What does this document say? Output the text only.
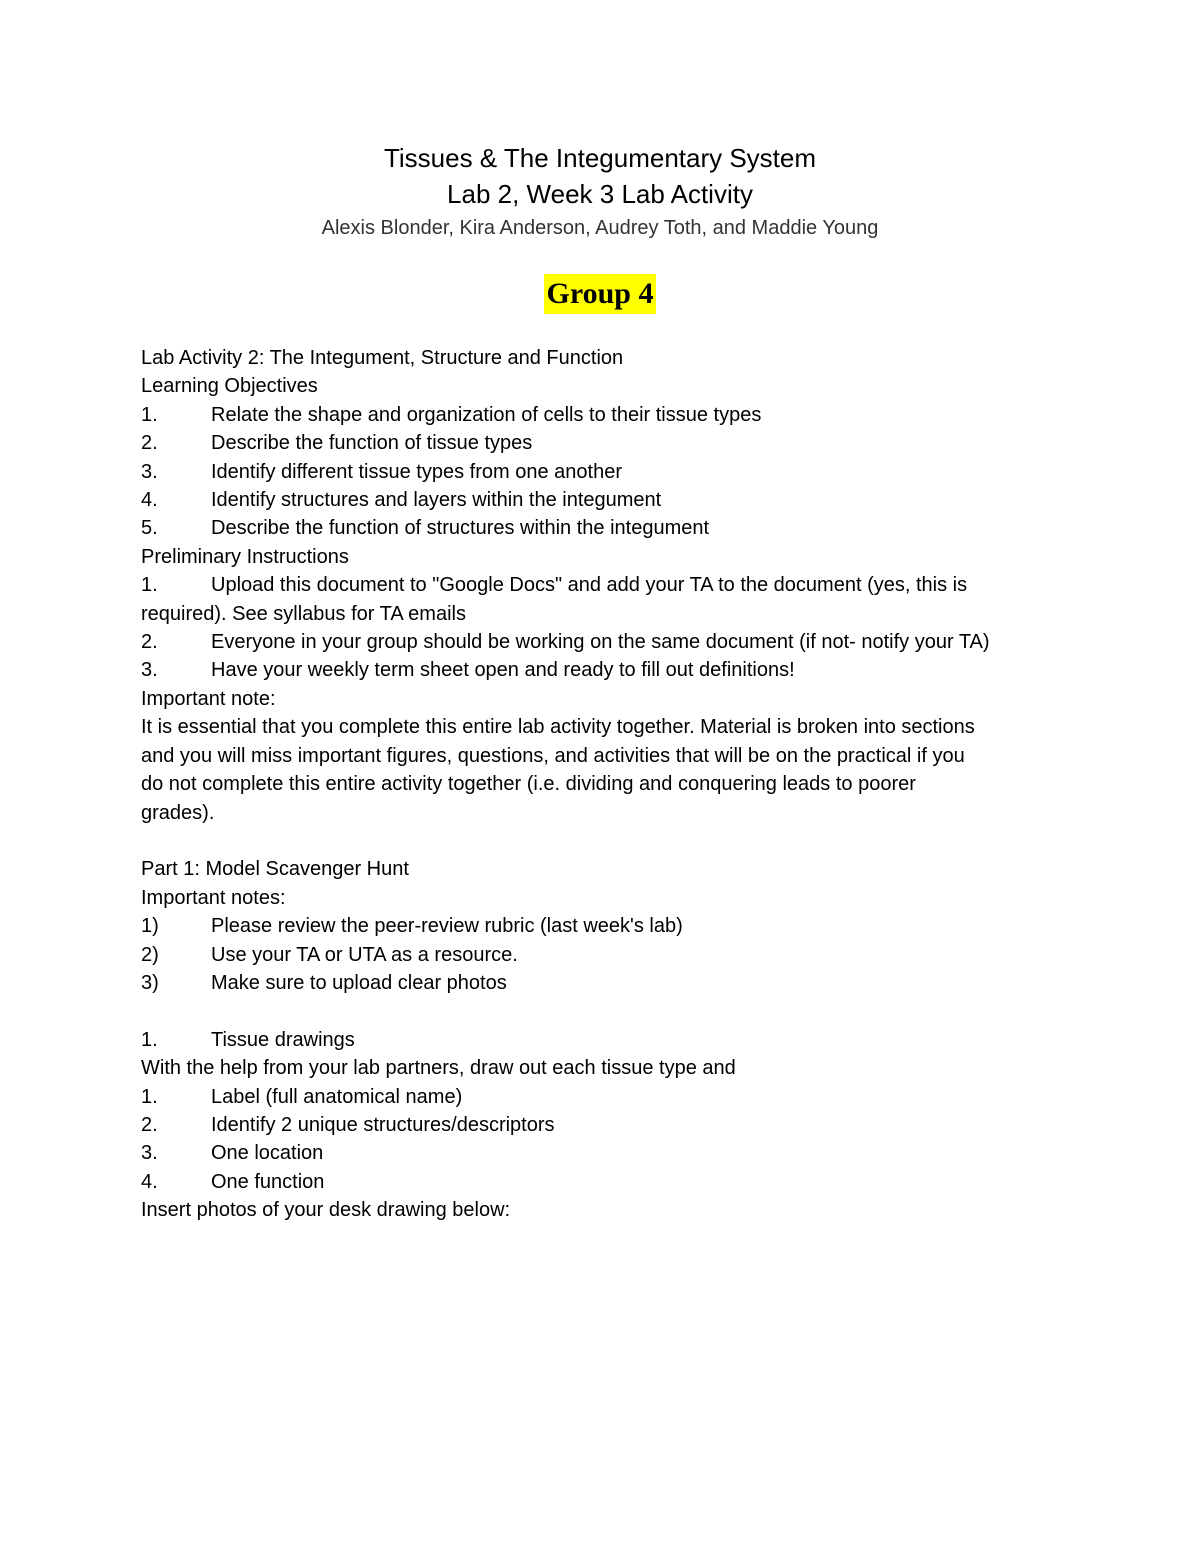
Tissues & The Integumentary System
Lab 2, Week 3 Lab Activity
Alexis Blonder, Kira Anderson, Audrey Toth, and Maddie Young
Group 4
Lab Activity 2: The Integument, Structure and Function
Learning Objectives
1.	Relate the shape and organization of cells to their tissue types
2.	Describe the function of tissue types
3.	Identify different tissue types from one another
4.	Identify structures and layers within the integument
5.	Describe the function of structures within the integument
Preliminary Instructions
1.	Upload this document to "Google Docs" and add your TA to the document (yes, this is
required). See syllabus for TA emails
2.	Everyone in your group should be working on the same document (if not- notify your TA)
3.	Have your weekly term sheet open and ready to fill out definitions!
Important note:
It is essential that you complete this entire lab activity together. Material is broken into sections
and you will miss important figures, questions, and activities that will be on the practical if you
do not complete this entire activity together (i.e. dividing and conquering leads to poorer
grades).
Part 1: Model Scavenger Hunt
Important notes:
1)	Please review the peer-review rubric (last week's lab)
2)	Use your TA or UTA as a resource.
3)	Make sure to upload clear photos
1.	Tissue drawings
With the help from your lab partners, draw out each tissue type and
1.	Label (full anatomical name)
2.	Identify 2 unique structures/descriptors
3.	One location
4.	One function
Insert photos of your desk drawing below:
